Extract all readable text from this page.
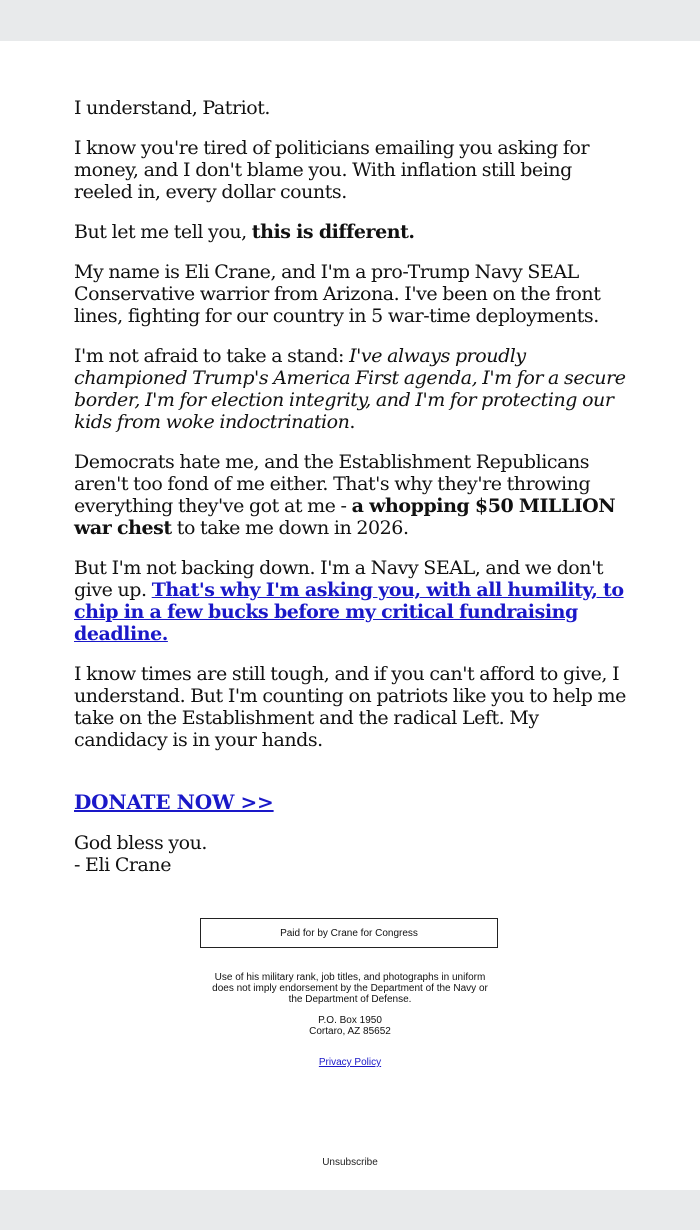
I understand, Patriot.

I know you're tired of politicians emailing you asking for money, and I don't blame you. With inflation still being reeled in, every dollar counts.

But let me tell you, this is different.

My name is Eli Crane, and I'm a pro-Trump Navy SEAL Conservative warrior from Arizona. I've been on the front lines, fighting for our country in 5 war-time deployments.

I'm not afraid to take a stand: I've always proudly championed Trump's America First agenda, I'm for a secure border, I'm for election integrity, and I'm for protecting our kids from woke indoctrination.

Democrats hate me, and the Establishment Republicans aren't too fond of me either. That's why they're throwing everything they've got at me - a whopping $50 MILLION war chest to take me down in 2026.

But I'm not backing down. I'm a Navy SEAL, and we don't give up. That's why I'm asking you, with all humility, to chip in a few bucks before my critical fundraising deadline.

I know times are still tough, and if you can't afford to give, I understand. But I'm counting on patriots like you to help me take on the Establishment and the radical Left. My candidacy is in your hands.

DONATE NOW >>

God bless you.
- Eli Crane

Paid for by Crane for Congress
Use of his military rank, job titles, and photographs in uniform does not imply endorsement by the Department of the Navy or the Department of Defense.
P.O. Box 1950
Cortaro, AZ 85652
Privacy Policy
Unsubscribe
